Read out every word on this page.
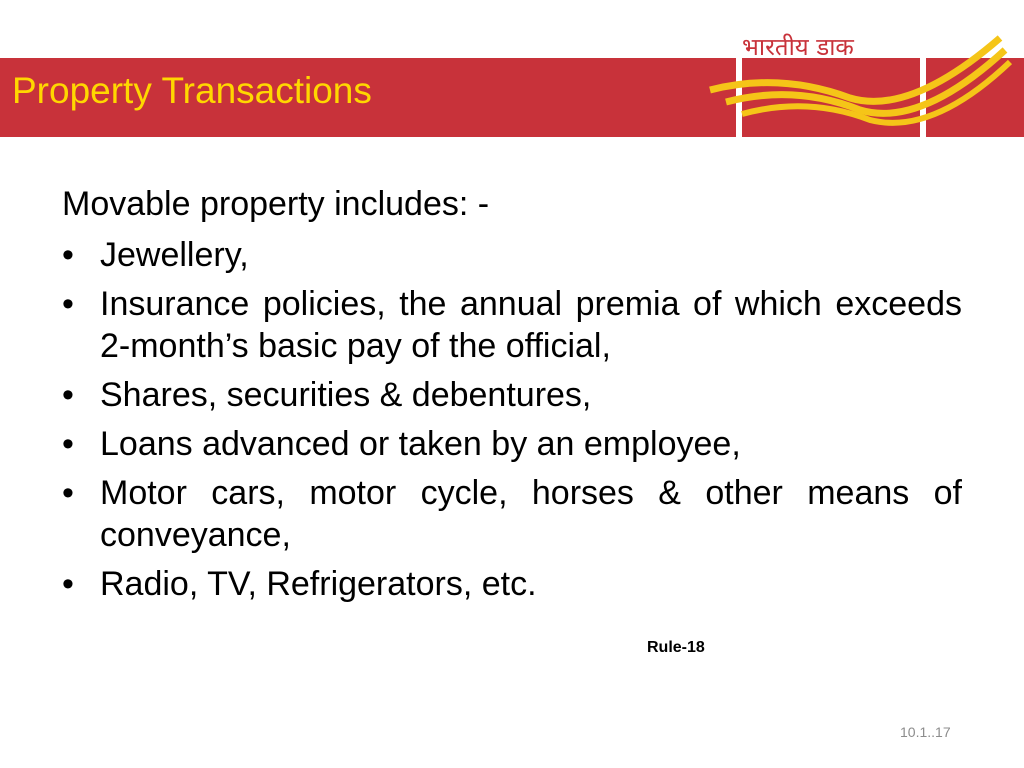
Property Transactions
भारतीय डाक
Movable property includes: -
• Jewellery,
• Insurance policies, the annual premia of which exceeds 2-month’s basic pay of the official,
• Shares, securities & debentures,
• Loans advanced or taken by an employee,
• Motor cars, motor cycle, horses & other means of conveyance,
• Radio, TV, Refrigerators, etc.
Rule-18
10.1..17
